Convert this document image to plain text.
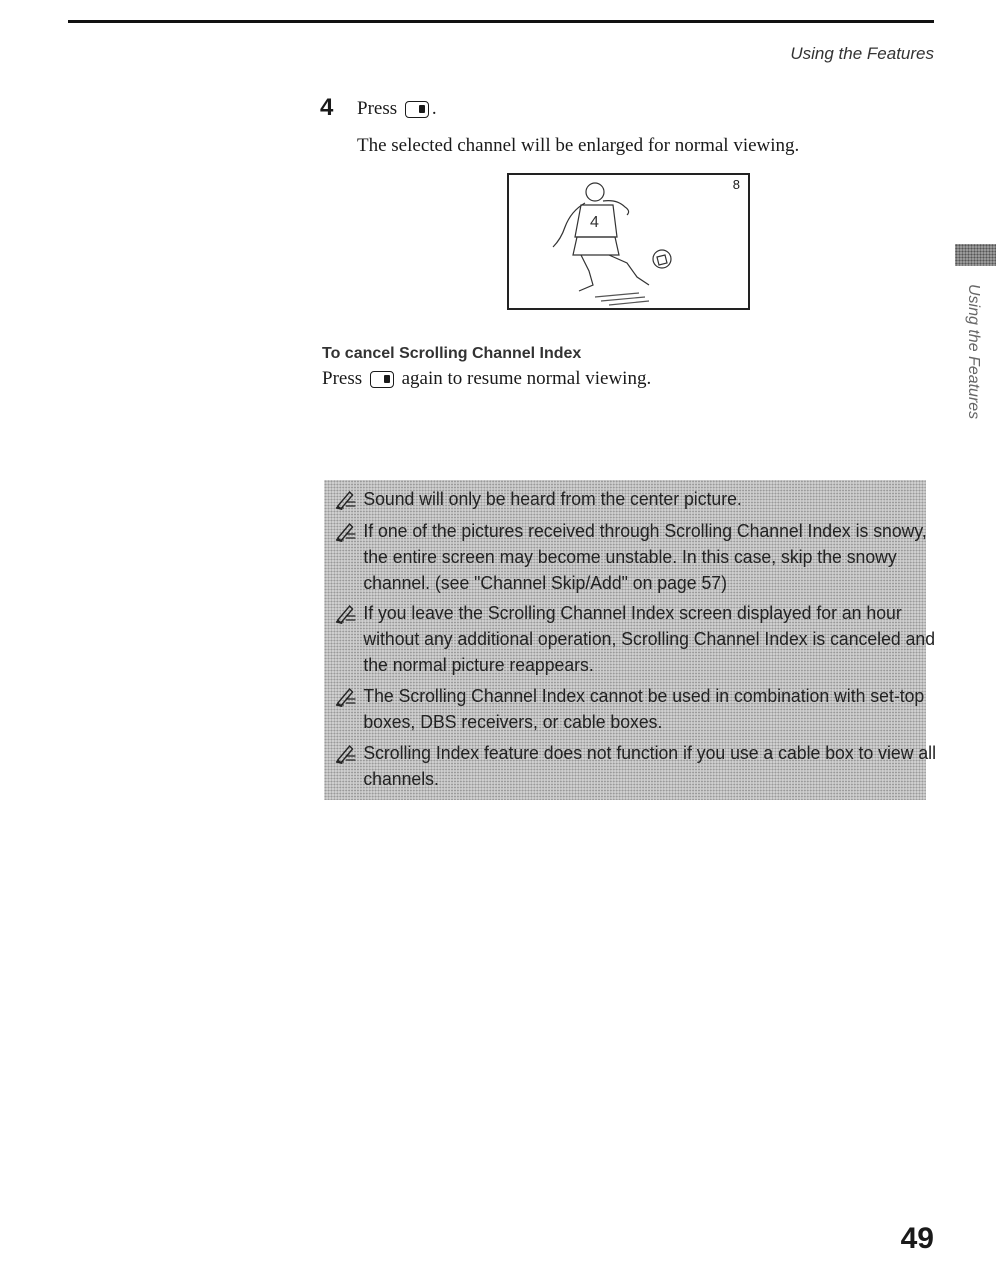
Using the Features
4 Press .
The selected channel will be enlarged for normal viewing.
4
8
To cancel Scrolling Channel Index
Press again to resume normal viewing.
Sound will only be heard from the center picture.
If one of the pictures received through Scrolling Channel Index is snowy, the entire screen may become unstable. In this case, skip the snowy channel. (see "Channel Skip/Add" on page 57)
If you leave the Scrolling Channel Index screen displayed for an hour without any additional operation, Scrolling Channel Index is canceled and the normal picture reappears.
The Scrolling Channel Index cannot be used in combination with set-top boxes, DBS receivers, or cable boxes.
Scrolling Index feature does not function if you use a cable box to view all channels.
Using the Features
49
